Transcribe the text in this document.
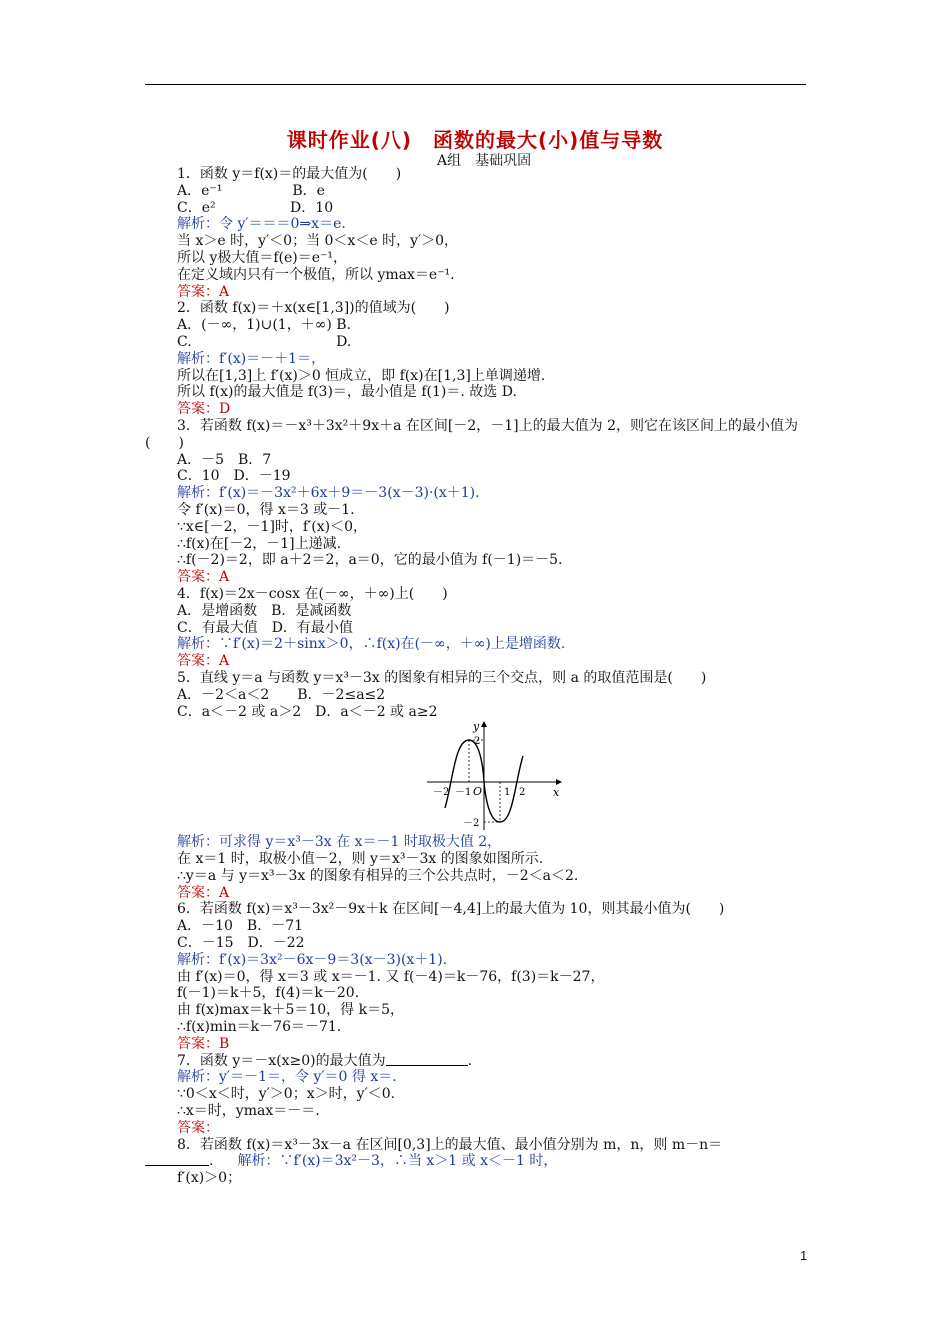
课时作业(八)　函数的最大(小)值与导数
A组　基础巩固
1．函数 y＝f(x)＝的最大值为(　　)
A．e⁻¹　　　　　B．e
C．e²　　　　　 D．10
解析：令 y′＝＝＝0⇒x＝e.
当 x＞e 时，y′＜0；当 0＜x＜e 时，y′＞0，
所以 y极大值＝f(e)＝e⁻¹，
在定义域内只有一个极值，所以 ymax＝e⁻¹.
答案：A
2．函数 f(x)＝＋x(x∈[1,3])的值域为(　　)
A．(－∞，1)∪(1，＋∞) B.
C.　　　　　　　　　　 D.
解析：f′(x)＝－＋1＝，
所以在[1,3]上 f′(x)＞0 恒成立，即 f(x)在[1,3]上单调递增.
所以 f(x)的最大值是 f(3)＝，最小值是 f(1)＝. 故选 D.
答案：D
3．若函数 f(x)＝－x³＋3x²＋9x＋a 在区间[－2，－1]上的最大值为 2，则它在该区间上的最小值为(　　)
A．－5　B．7
C．10　D．－19
解析：f′(x)＝－3x²＋6x＋9＝－3(x－3)·(x＋1).
令 f′(x)＝0，得 x＝3 或－1.
∵x∈[－2，－1]时，f′(x)＜0，
∴f(x)在[－2，－1]上递减.
∴f(－2)＝2，即 a＋2＝2，a＝0，它的最小值为 f(－1)＝－5.
答案：A
4．f(x)＝2x－cosx 在(－∞，＋∞)上(　　)
A．是增函数　B．是减函数
C．有最大值　D．有最小值
解析：∵f′(x)＝2＋sinx＞0，∴f(x)在(－∞，＋∞)上是增函数.
答案：A
5．直线 y＝a 与函数 y＝x³－3x 的图象有相异的三个交点，则 a 的取值范围是(　　)
A．－2＜a＜2　　B．－2≤a≤2
C．a＜－2 或 a＞2　D．a＜－2 或 a≥2
y
x
O
－2 －1	1 2
2
－2
解析：可求得 y＝x³－3x 在 x＝－1 时取极大值 2，
在 x＝1 时，取极小值－2，则 y＝x³－3x 的图象如图所示.
∴y＝a 与 y＝x³－3x 的图象有相异的三个公共点时，－2＜a＜2.
答案：A
6．若函数 f(x)＝x³－3x²－9x＋k 在区间[－4,4]上的最大值为 10，则其最小值为(　　)
A．－10　B．－71
C．－15　D．－22
解析：f′(x)＝3x²－6x－9＝3(x－3)(x＋1).
由 f′(x)＝0，得 x＝3 或 x＝－1. 又 f(－4)＝k－76，f(3)＝k－27，
f(－1)＝k＋5，f(4)＝k－20.
由 f(x)max＝k＋5＝10，得 k＝5，
∴f(x)min＝k－76＝－71.
答案：B
7．函数 y＝－x(x≥0)的最大值为	.
解析：y′＝－1＝，令 y′＝0 得 x＝.
∵0＜x＜时，y′＞0；x＞时，y′＜0.
∴x＝时，ymax＝－＝.
答案：
8．若函数 f(x)＝x³－3x－a 在区间[0,3]上的最大值、最小值分别为 m，n，则 m－n＝
. 解析：∵f′(x)＝3x²－3，∴当 x＞1 或 x＜－1 时，
f′(x)＞0；
1
